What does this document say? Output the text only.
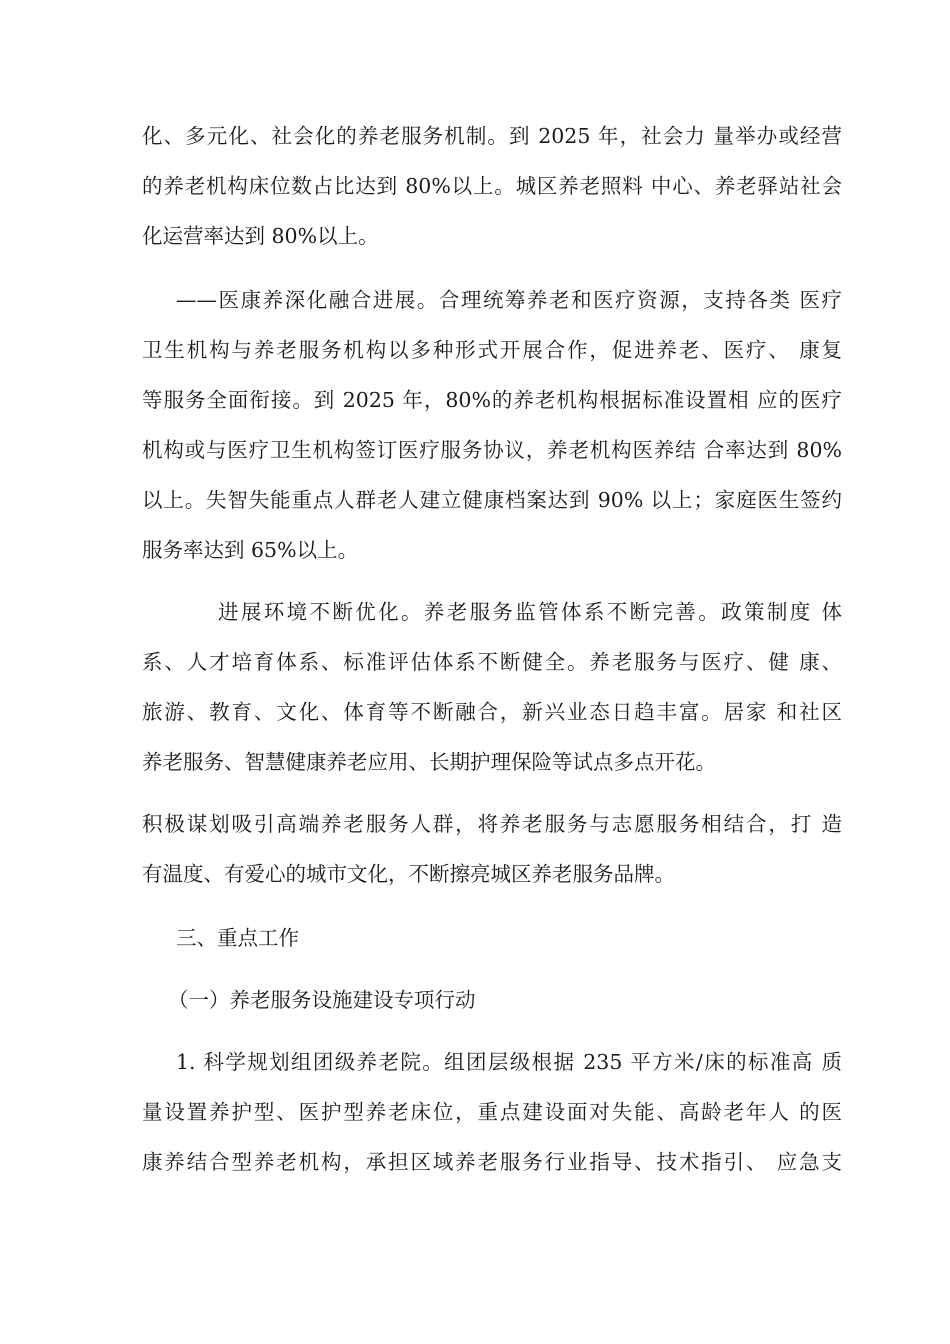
化、多元化、社会化的养老服务机制。到 2025 年，社会力 量举办或经营
的养老机构床位数占比达到 80%以上。城区养老照料 中心、养老驿站社会
化运营率达到 80%以上。
——医康养深化融合进展。合理统筹养老和医疗资源，支持各类 医疗
卫生机构与养老服务机构以多种形式开展合作，促进养老、医疗、 康复
等服务全面衔接。到 2025 年，80%的养老机构根据标准设置相 应的医疗
机构或与医疗卫生机构签订医疗服务协议，养老机构医养结 合率达到 80%
以上。失智失能重点人群老人建立健康档案达到 90% 以上；家庭医生签约
服务率达到 65%以上。
进展环境不断优化。养老服务监管体系不断完善。政策制度 体
系、人才培育体系、标准评估体系不断健全。养老服务与医疗、健 康、
旅游、教育、文化、体育等不断融合，新兴业态日趋丰富。居家 和社区
养老服务、智慧健康养老应用、长期护理保险等试点多点开花。
积极谋划吸引高端养老服务人群，将养老服务与志愿服务相结合，打 造
有温度、有爱心的城市文化，不断擦亮城区养老服务品牌。
三、重点工作
（一）养老服务设施建设专项行动
1. 科学规划组团级养老院。组团层级根据 235 平方米/床的标准高 质
量设置养护型、医护型养老床位，重点建设面对失能、高龄老年人 的医
康养结合型养老机构，承担区域养老服务行业指导、技术指引、 应急支
